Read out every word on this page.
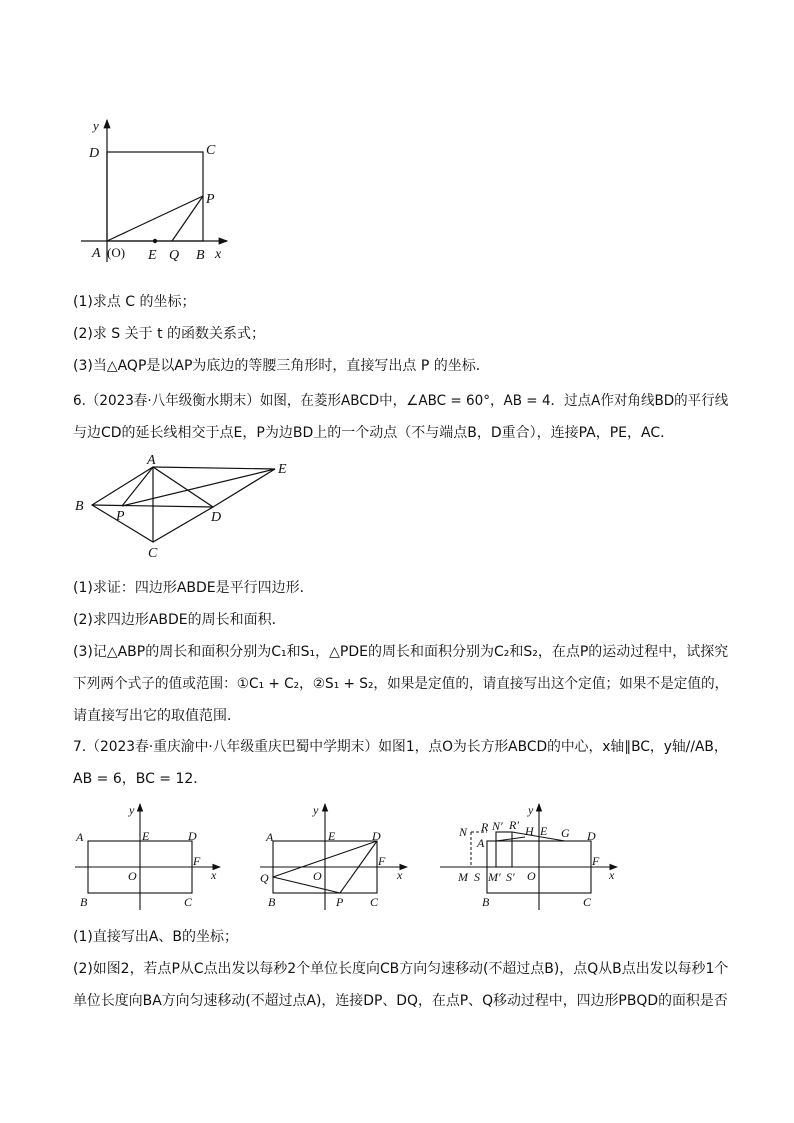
y
D	C
P
A (O) E Q B x
(1)求点 C 的坐标；
(2)求 S 关于 t 的函数关系式；
(3)当△AQP是以AP为底边的等腰三角形时，直接写出点 P 的坐标．
6.（2023春·八年级衡水期末）如图，在菱形ABCD中，∠ABC = 60°，AB = 4．过点A作对角线BD的平行线
与边CD的延长线相交于点E，P为边BD上的一个动点（不与端点B，D重合），连接PA，PE，AC．
A
E
B
P	D
C
(1)求证：四边形ABDE是平行四边形．
(2)求四边形ABDE的周长和面积．
(3)记△ABP的周长和面积分别为C₁和S₁，△PDE的周长和面积分别为C₂和S₂，在点P的运动过程中，试探究
下列两个式子的值或范围：①C₁ + C₂，②S₁ + S₂，如果是定值的，请直接写出这个定值；如果不是定值的，
请直接写出它的取值范围．
7.（2023春·重庆渝中·八年级重庆巴蜀中学期末）如图1，点O为长方形ABCD的中心，x轴∥BC，y轴//AB，
AB = 6，BC = 12．
y
A	E	D
F
O	x
B	C
y
A	E	D
F
Q	O	x
B	P C
y
N R N′ R′ H E G D
A
F
M S M′ S′ O	x
B	C
(1)直接写出A、B的坐标；
(2)如图2，若点P从C点出发以每秒2个单位长度向CB方向匀速移动(不超过点B)，点Q从B点出发以每秒1个
单位长度向BA方向匀速移动(不超过点A)，连接DP、DQ，在点P、Q移动过程中，四边形PBQD的面积是否
